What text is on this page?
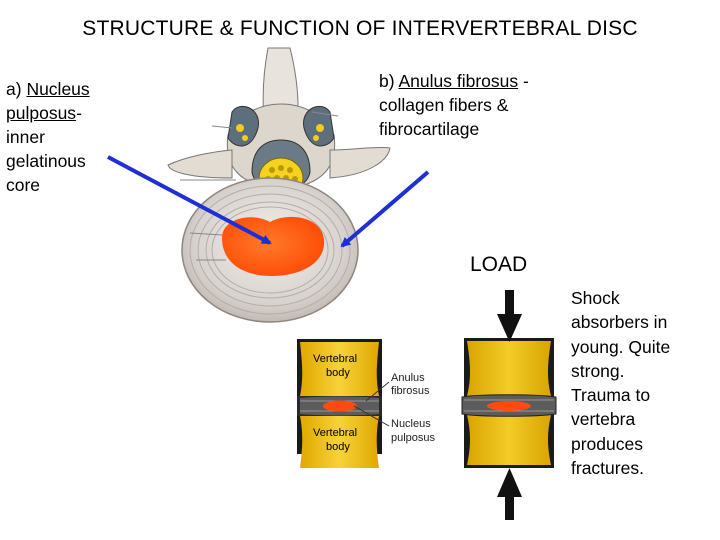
STRUCTURE & FUNCTION OF INTERVERTEBRAL DISC
a) Nucleus
pulposus-
inner
gelatinous
core
b) Anulus fibrosus -
collagen fibers &
fibrocartilage
Vertebral
body
Vertebral
body
Anulus
fibrosus
Nucleus
pulposus
LOAD
Shock
absorbers in
young. Quite
strong.
Trauma to
vertebra
produces
fractures.
